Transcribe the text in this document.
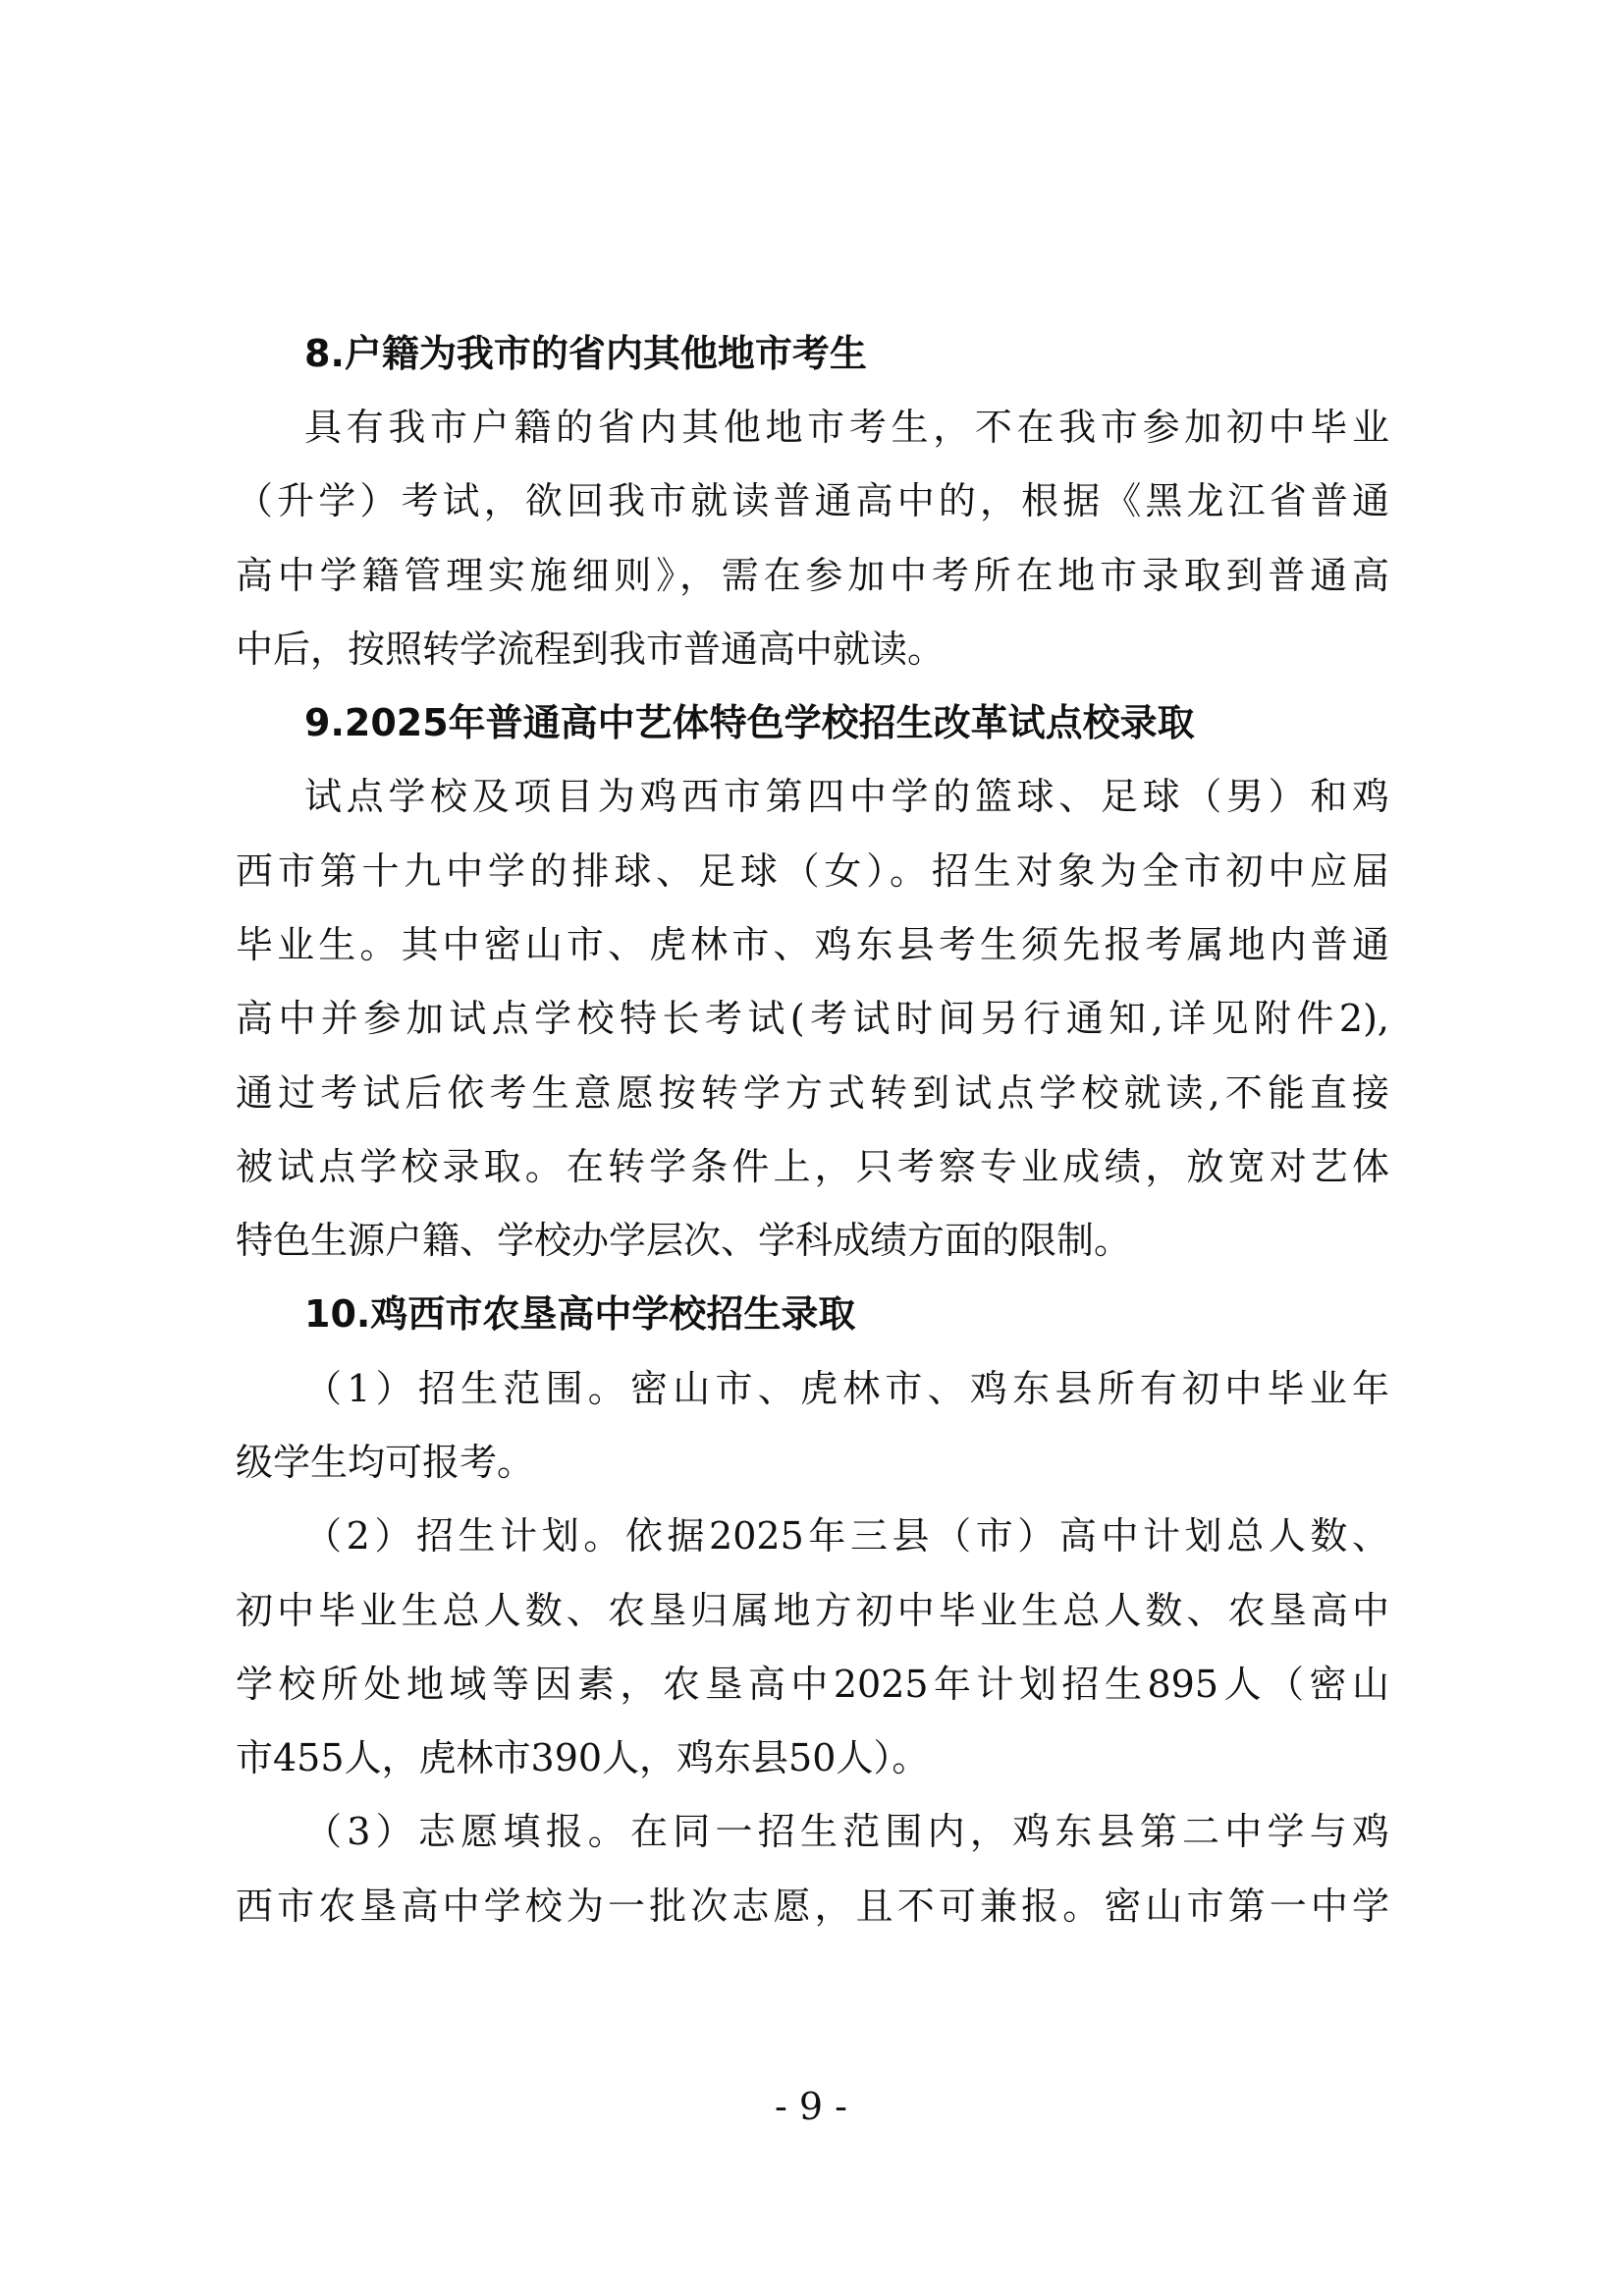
8.户籍为我市的省内其他地市考生
具有我市户籍的省内其他地市考生，不在我市参加初中毕业
（升学）考试，欲回我市就读普通高中的，根据《黑龙江省普通
高中学籍管理实施细则》，需在参加中考所在地市录取到普通高
中后，按照转学流程到我市普通高中就读。
9.2025年普通高中艺体特色学校招生改革试点校录取
试点学校及项目为鸡西市第四中学的篮球、足球（男）和鸡
西市第十九中学的排球、足球（女）。招生对象为全市初中应届
毕业生。其中密山市、虎林市、鸡东县考生须先报考属地内普通
高中并参加试点学校特长考试(考试时间另行通知,详见附件2),
通过考试后依考生意愿按转学方式转到试点学校就读,不能直接
被试点学校录取。在转学条件上，只考察专业成绩，放宽对艺体
特色生源户籍、学校办学层次、学科成绩方面的限制。
10.鸡西市农垦高中学校招生录取
（1）招生范围。密山市、虎林市、鸡东县所有初中毕业年
级学生均可报考。
（2）招生计划。依据2025年三县（市）高中计划总人数、
初中毕业生总人数、农垦归属地方初中毕业生总人数、农垦高中
学校所处地域等因素，农垦高中2025年计划招生895人（密山
市455人，虎林市390人，鸡东县50人）。
（3）志愿填报。在同一招生范围内，鸡东县第二中学与鸡
西市农垦高中学校为一批次志愿，且不可兼报。密山市第一中学
- 9 -
